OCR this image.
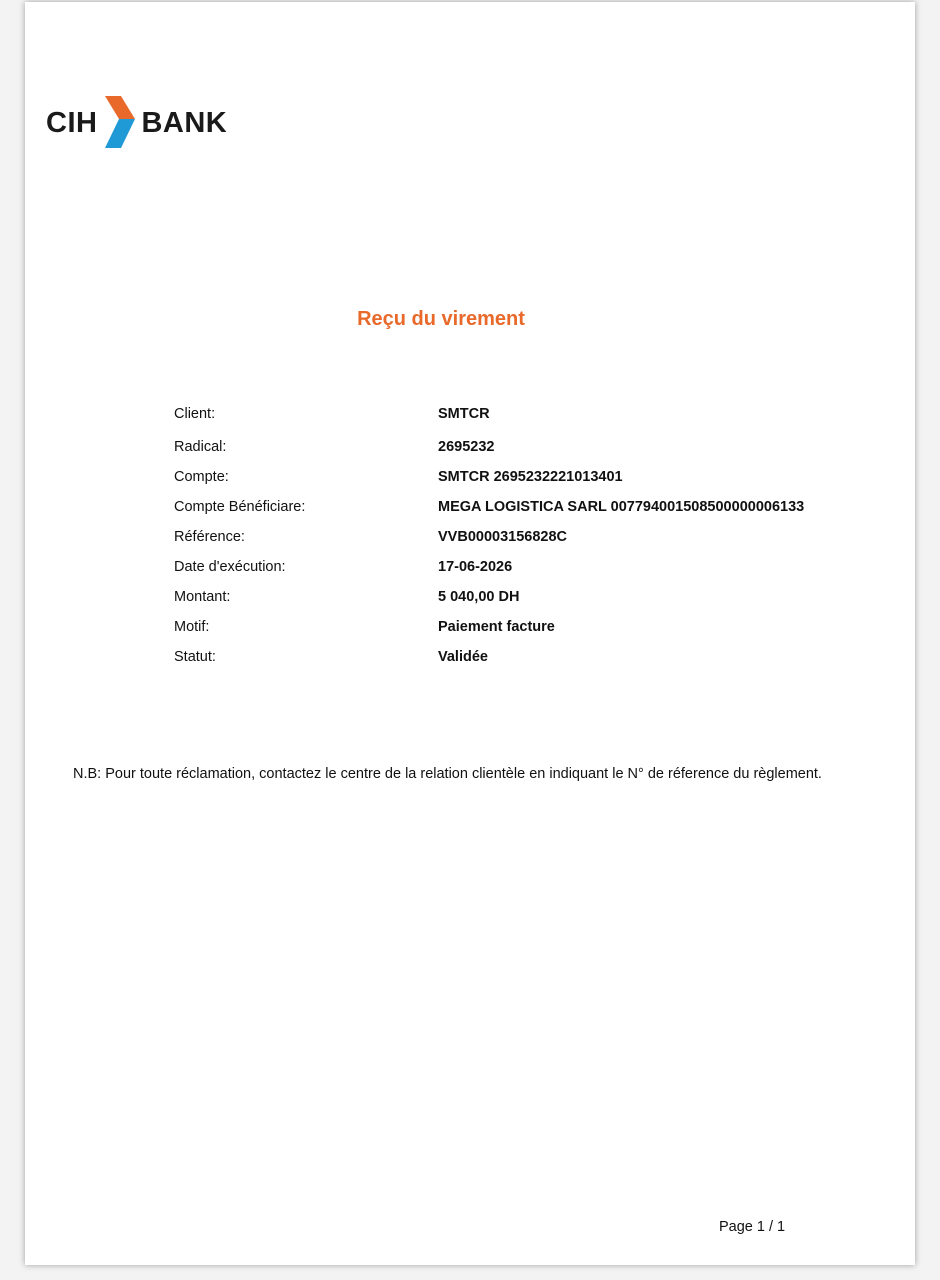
CIH BANK
Reçu du virement
Client:	SMTCR
Radical:	2695232
Compte:	SMTCR 2695232221013401
Compte Bénéficiare:	MEGA LOGISTICA SARL 007794001508500000006133
Référence:	VVB00003156828C
Date d'exécution:	17-06-2026
Montant:	5 040,00 DH
Motif:	Paiement facture
Statut:	Validée
N.B: Pour toute réclamation, contactez le centre de la relation clientèle en indiquant le N° de réference du règlement.
Page 1 / 1
